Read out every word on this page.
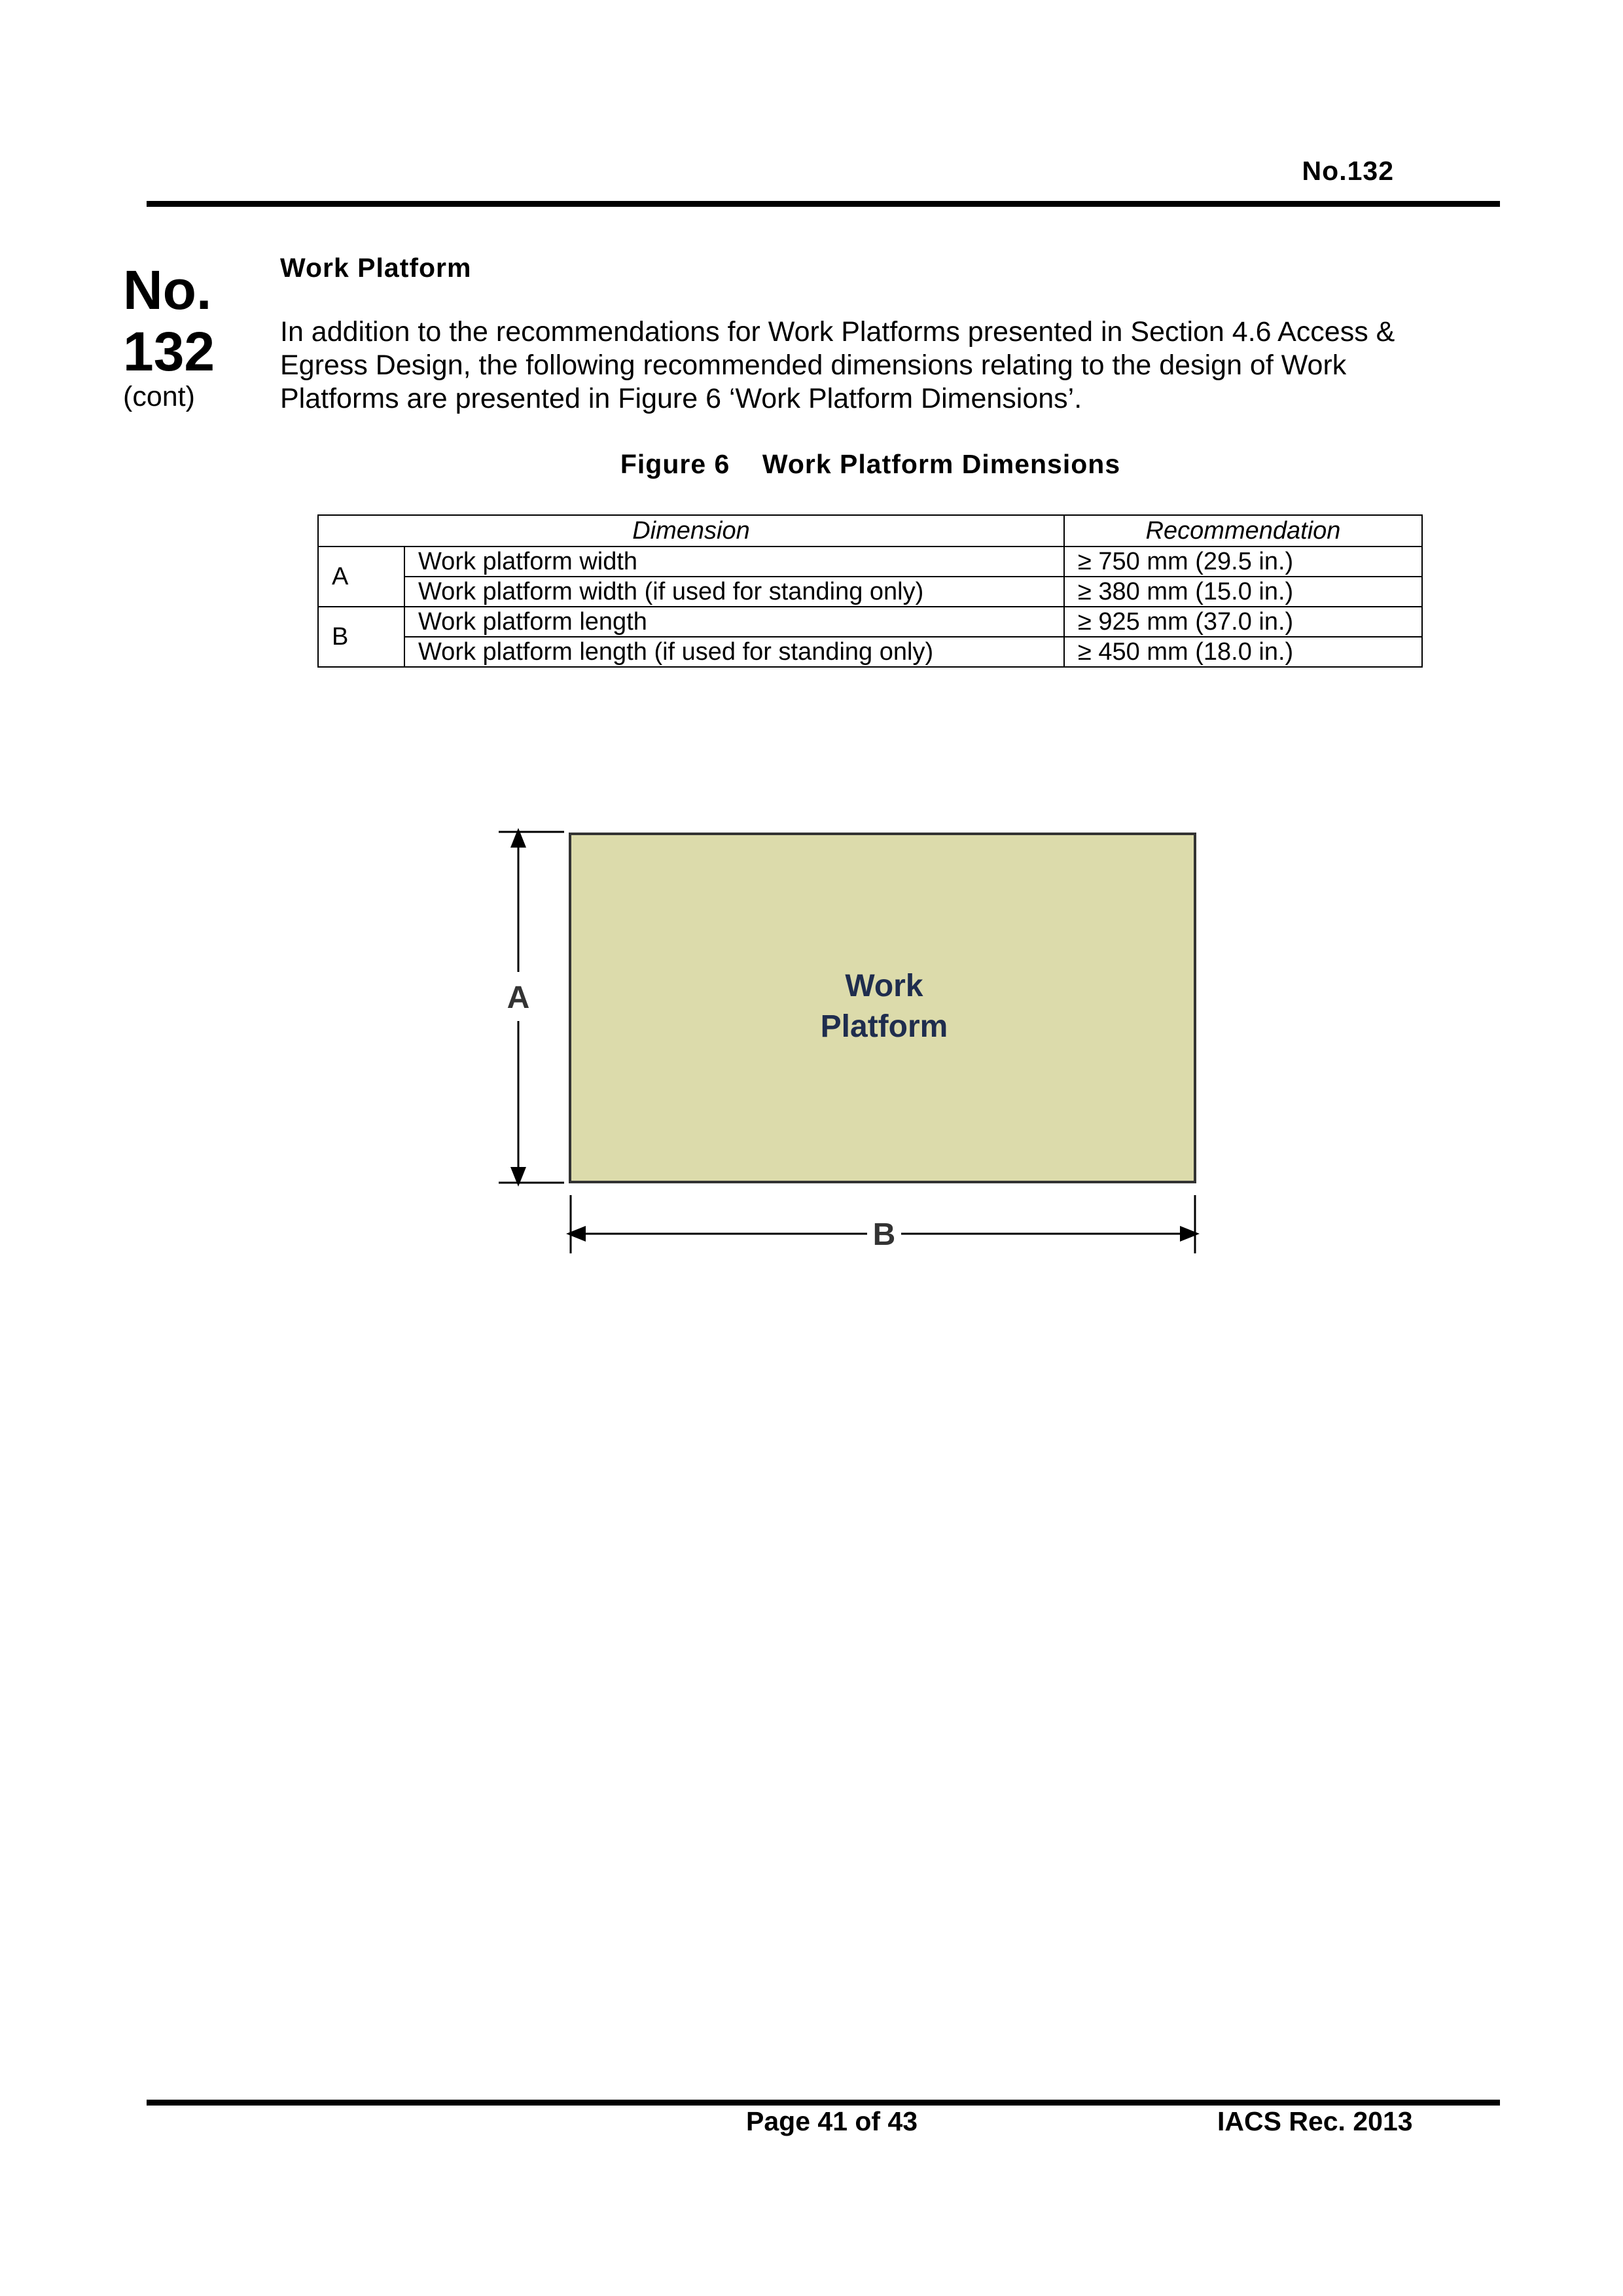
No.132
No.
132
(cont)
Work Platform

In addition to the recommendations for Work Platforms presented in Section 4.6 Access & Egress Design, the following recommended dimensions relating to the design of Work Platforms are presented in Figure 6 ‘Work Platform Dimensions’.

Figure 6    Work Platform Dimensions
Dimension		Recommendation
A	Work platform width	≥ 750 mm (29.5 in.)
	Work platform width (if used for standing only)	≥ 380 mm (15.0 in.)
B	Work platform length	≥ 925 mm (37.0 in.)
	Work platform length (if used for standing only)	≥ 450 mm (18.0 in.)
A
B
Work
Platform
Page 41 of 43	IACS Rec. 2013
